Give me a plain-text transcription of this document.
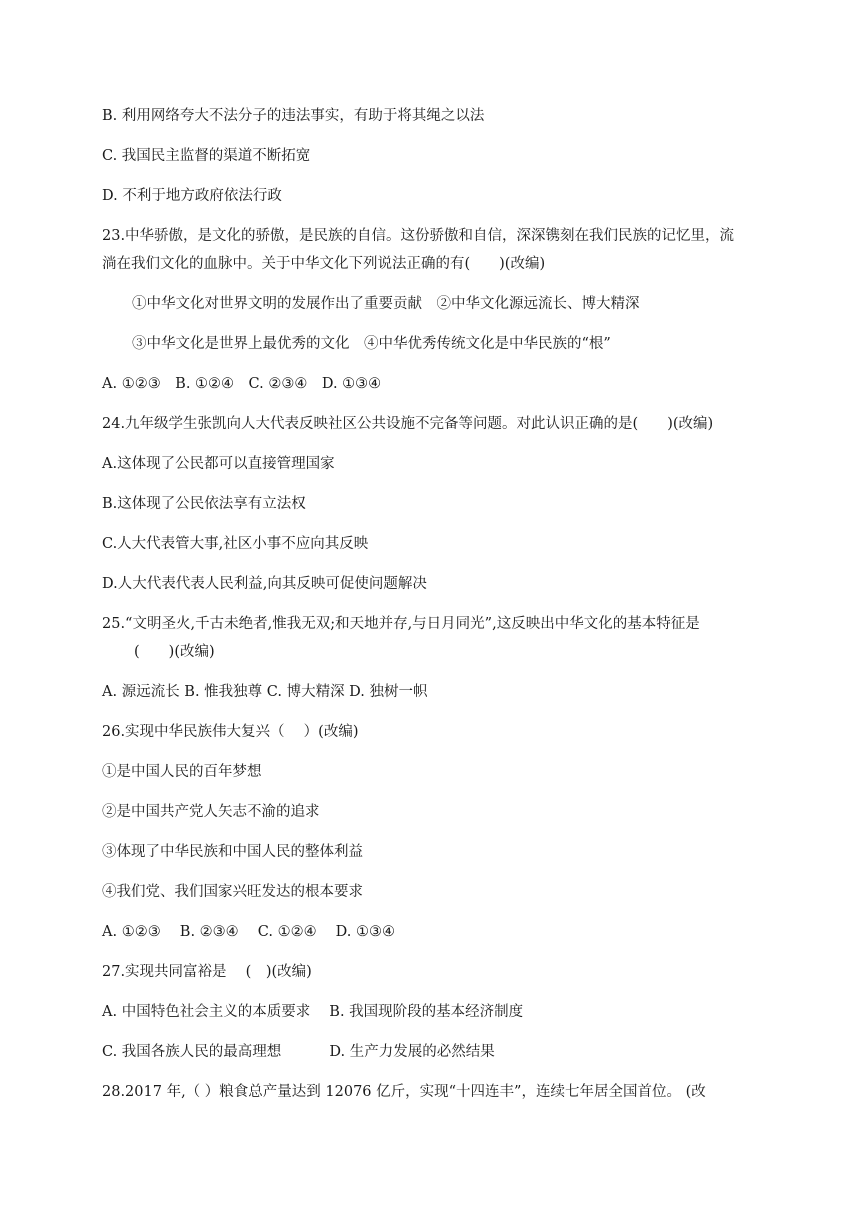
B. 利用网络夸大不法分子的违法事实，有助于将其绳之以法
C. 我国民主监督的渠道不断拓宽
D. 不利于地方政府依法行政
23.中华骄傲，是文化的骄傲，是民族的自信。这份骄傲和自信，深深镌刻在我们民族的记忆里，流
淌在我们文化的血脉中。关于中华文化下列说法正确的有(　　)(改编)
①中华文化对世界文明的发展作出了重要贡献　②中华文化源远流长、博大精深
③中华文化是世界上最优秀的文化　④中华优秀传统文化是中华民族的“根”
A. ①②③　B. ①②④　C. ②③④　D. ①③④
24.九年级学生张凯向人大代表反映社区公共设施不完备等问题。对此认识正确的是(　　)(改编)
A.这体现了公民都可以直接管理国家
B.这体现了公民依法享有立法权
C.人大代表管大事,社区小事不应向其反映
D.人大代表代表人民利益,向其反映可促使问题解决
25.“文明圣火,千古未绝者,惟我无双;和天地并存,与日月同光”,这反映出中华文化的基本特征是
(　　)(改编)
A. 源远流长 B. 惟我独尊 C. 博大精深 D. 独树一帜
26.实现中华民族伟大复兴（　 ）(改编)
①是中国人民的百年梦想
②是中国共产党人矢志不渝的追求
③体现了中华民族和中国人民的整体利益
④我们党、我们国家兴旺发达的根本要求
A. ①②③　 B. ②③④　 C. ①②④　 D. ①③④
27.实现共同富裕是　 (　)(改编)
A. 中国特色社会主义的本质要求　 B. 我国现阶段的基本经济制度
C. 我国各族人民的最高理想　　　 D. 生产力发展的必然结果
28.2017 年,（ ）粮食总产量达到 12076 亿斤，实现“十四连丰”，连续七年居全国首位。 (改
